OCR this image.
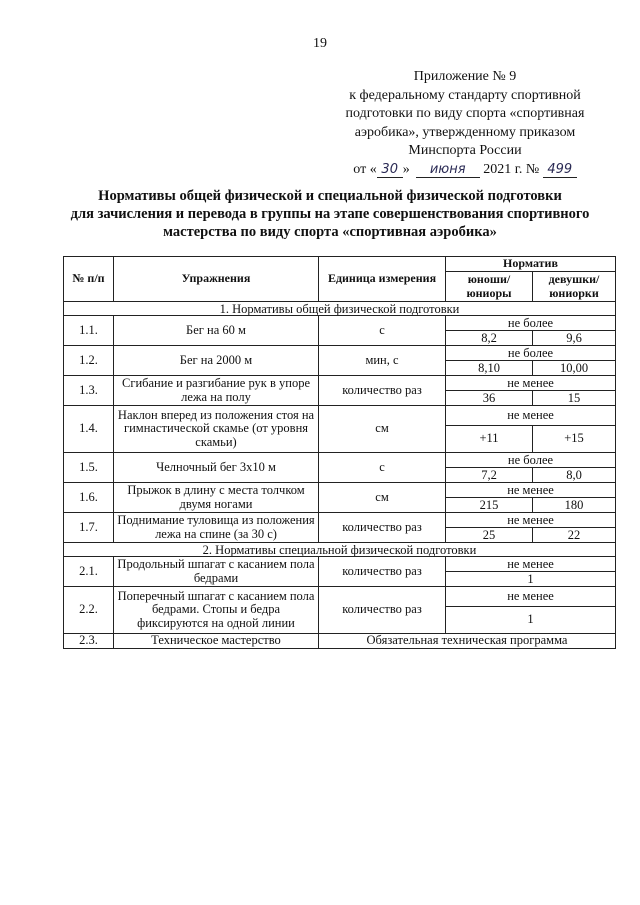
19
Приложение № 9
к федеральному стандарту спортивной
подготовки по виду спорта «спортивная
аэробика», утвержденному приказом
Минспорта России
от « 30 » июня 2021 г. № 499
Нормативы общей физической и специальной физической подготовки
для зачисления и перевода в группы на этапе совершенствования спортивного
мастерства по виду спорта «спортивная аэробика»
№ п/п	Упражнения	Единица измерения	Норматив	
			юноши/ юниоры	девушки/ юниорки
1. Нормативы общей физической подготовки				
1.1.	Бег на 60 м	с	не более	
			8,2	9,6
1.2.	Бег на 2000 м	мин, с	не более	
			8,10	10,00
1.3.	Сгибание и разгибание рук в упоре лежа на полу	количество раз	не менее	
			36	15
1.4.	Наклон вперед из положения стоя на гимнастической скамье (от уровня скамьи)	см	не менее	
			+11	+15
1.5.	Челночный бег 3х10 м	с	не более	
			7,2	8,0
1.6.	Прыжок в длину с места толчком двумя ногами	см	не менее	
			215	180
1.7.	Поднимание туловища из положения лежа на спине (за 30 с)	количество раз	не менее	
			25	22
2. Нормативы специальной физической подготовки				
2.1.	Продольный шпагат с касанием пола бедрами	количество раз	не менее	
			1	
2.2.	Поперечный шпагат с касанием пола бедрами. Стопы и бедра фиксируются на одной линии	количество раз	не менее	
			1	
2.3.	Техническое мастерство	Обязательная техническая программа		
